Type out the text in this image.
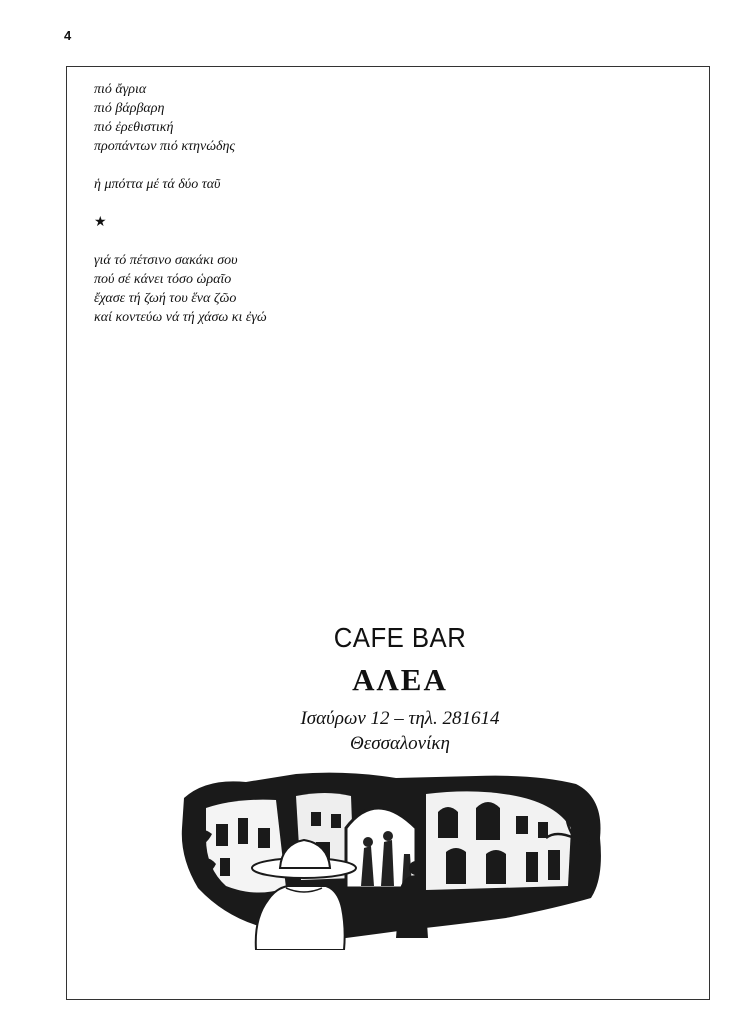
4
πιό ἄγρια
πιό βάρβαρη
πιό ἐρεθιστική
προπάντων πιό κτηνώδης
ἡ μπόττα μέ τά δύο ταῦ
★
γιά τό πέτσινο σακάκι σου
πού σέ κάνει τόσο ὡραῖο
ἔχασε τή ζωή του ἕνα ζῶο
καί κοντεύω νά τή χάσω κι ἐγώ
CAFE BAR
ΑΛΕΑ
Ισαύρων 12 – τηλ. 281614
Θεσσαλονίκη
